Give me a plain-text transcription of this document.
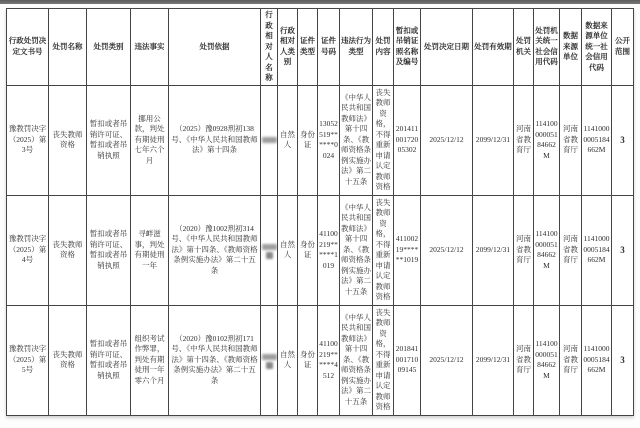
行政处罚决定文书号	处罚名称	处罚类别	违法事实	处罚依据	行政相对人名称	行政相对人类别	证件类型	证件号码	违法行为类型	处罚内容	暂扣或吊销证照名称及编号	处罚决定日期	处罚有效期	处罚机关	处罚机关统一社会信用代码	数据来源单位	数据来源单位统一社会信用代码	公开范围
豫教罚决字（2025）第3号	丧失教师资格	暂扣或者吊销许可证、暂扣或者吊销执照	挪用公款，判处有期徒刑七年六个月	（2025）豫0928刑初138号、《中华人民共和国教师法》第十四条		自然人	身份证	13052519******0024	《中华人民共和国教师法》第十四条、《教师资格条例实施办法》第二十五条	丧失教师资格，不得重新申请认定教师资格	20141100172005302	2025/12/12	2099/12/31	河南省教育厅	11410000005184662M	河南省教育厅	11410000005184662M	3
豫教罚决字（2025）第4号	丧失教师资格	暂扣或者吊销许可证、暂扣或者吊销执照	寻衅滋事，判处有期徒刑一年	（2020）豫1002刑初314号、《中华人民共和国教师法》第十四条、《教师资格条例实施办法》第二十五条		自然人	身份证	41100219******1019	《中华人民共和国教师法》第十四条、《教师资格条例实施办法》第二十五条	丧失教师资格，不得重新申请认定教师资格	41100219******1019	2025/12/12	2099/12/31	河南省教育厅	11410000005184662M	河南省教育厅	11410000005184662M	3
豫教罚决字（2025）第5号	丧失教师资格	暂扣或者吊销许可证、暂扣或者吊销执照	组织考试作弊罪，判处有期徒刑一年零六个月	（2020）豫0102刑初171号、《中华人民共和国教师法》第十四条、《教师资格条例实施办法》第二十五条		自然人	身份证	41100219******4512	《中华人民共和国教师法》第十四条、《教师资格条例实施办法》第二十五条	丧失教师资格，不得重新申请认定教师资格	20184100171009145	2025/12/12	2099/12/31	河南省教育厅	11410000005184662M	河南省教育厅	11410000005184662M	3
